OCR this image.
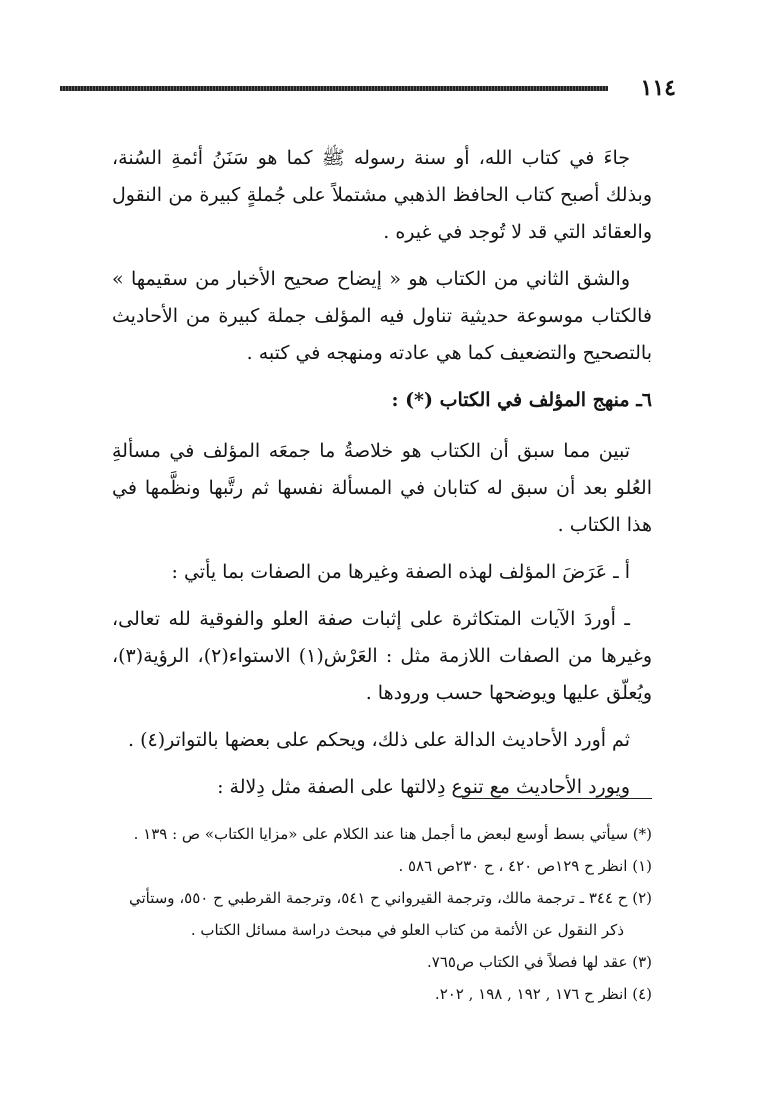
١١٤

جاءَ في كتاب الله، أو سنة رسوله ﷺ كما هو سَنَنُ أئمةِ السُنة، وبذلك أصبح كتاب الحافظ الذهبي مشتملاً على جُملةٍ كبيرة من النقول والعقائد التي قد لا تُوجد في غيره .

والشق الثاني من الكتاب هو « إيضاح صحيح الأخبار من سقيمها » فالكتاب موسوعة حديثية تناول فيه المؤلف جملة كبيرة من الأحاديث بالتصحيح والتضعيف كما هي عادته ومنهجه في كتبه .

٦ـ منهج المؤلف في الكتاب (*) :

تبين مما سبق أن الكتاب هو خلاصةُ ما جمعَه المؤلف في مسألةِ العُلو بعد أن سبق له كتابان في المسألة نفسها ثم رتَّبها ونظَّمها في هذا الكتاب .

أ ـ عَرَضَ المؤلف لهذه الصفة وغيرها من الصفات بما يأتي :

ـ أوردَ الآيات المتكاثرة على إثبات صفة العلو والفوقية لله تعالى، وغيرها من الصفات اللازمة مثل : العَرْش(١) الاستواء(٢)، الرؤية(٣)، ويُعلّق عليها ويوضحها حسب ورودها .

ثم أورد الأحاديث الدالة على ذلك، ويحكم على بعضها بالتواتر(٤) .

ويورد الأحاديث مع تنوع دِلالتها على الصفة مثل دِلالة :

(*) سيأتي بسط أوسع لبعض ما أجمل هنا عند الكلام على «مزايا الكتاب» ص : ١٣٩ .
(١) انظر ح ١٢٩ص ٤٢٠ ، ح ٢٣٠ص ٥٨٦ .
(٢) ح ٣٤٤ ـ ترجمة مالك، وترجمة القيرواني ح ٥٤١، وترجمة القرطبي ح ٥٥٠، وستأتي
ذكر النقول عن الأئمة من كتاب العلو في مبحث دراسة مسائل الكتاب .
(٣) عقد لها فصلاً في الكتاب ص٧٦٥.
(٤) انظر ح ١٧٦ , ١٩٢ , ١٩٨ , ٢٠٢.
